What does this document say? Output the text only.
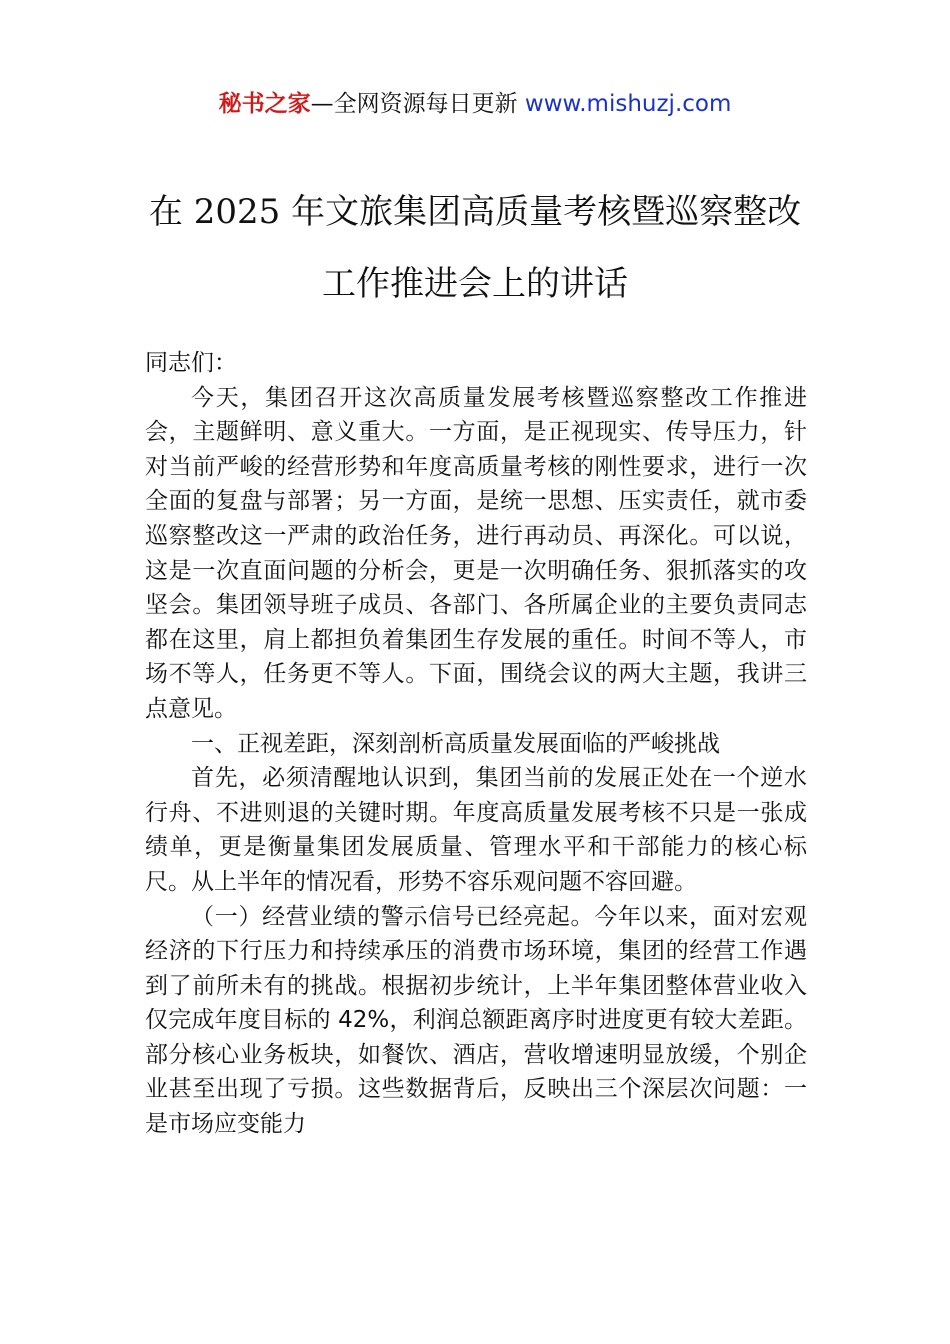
秘书之家—全网资源每日更新 www.mishuzj.com
在 2025 年文旅集团高质量考核暨巡察整改
工作推进会上的讲话

同志们：

今天，集团召开这次高质量发展考核暨巡察整改工作推进会，主题鲜明、意义重大。一方面，是正视现实、传导压力，针对当前严峻的经营形势和年度高质量考核的刚性要求，进行一次全面的复盘与部署；另一方面，是统一思想、压实责任，就市委巡察整改这一严肃的政治任务，进行再动员、再深化。可以说，这是一次直面问题的分析会，更是一次明确任务、狠抓落实的攻坚会。集团领导班子成员、各部门、各所属企业的主要负责同志都在这里，肩上都担负着集团生存发展的重任。时间不等人，市场不等人，任务更不等人。下面，围绕会议的两大主题，我讲三点意见。

一、正视差距，深刻剖析高质量发展面临的严峻挑战

首先，必须清醒地认识到，集团当前的发展正处在一个逆水行舟、不进则退的关键时期。年度高质量发展考核不只是一张成绩单，更是衡量集团发展质量、管理水平和干部能力的核心标尺。从上半年的情况看，形势不容乐观问题不容回避。

（一）经营业绩的警示信号已经亮起。今年以来，面对宏观经济的下行压力和持续承压的消费市场环境，集团的经营工作遇到了前所未有的挑战。根据初步统计，上半年集团整体营业收入仅完成年度目标的 42%，利润总额距离序时进度更有较大差距。部分核心业务板块，如餐饮、酒店，营收增速明显放缓，个别企业甚至出现了亏损。这些数据背后，反映出三个深层次问题：一是市场应变能力
